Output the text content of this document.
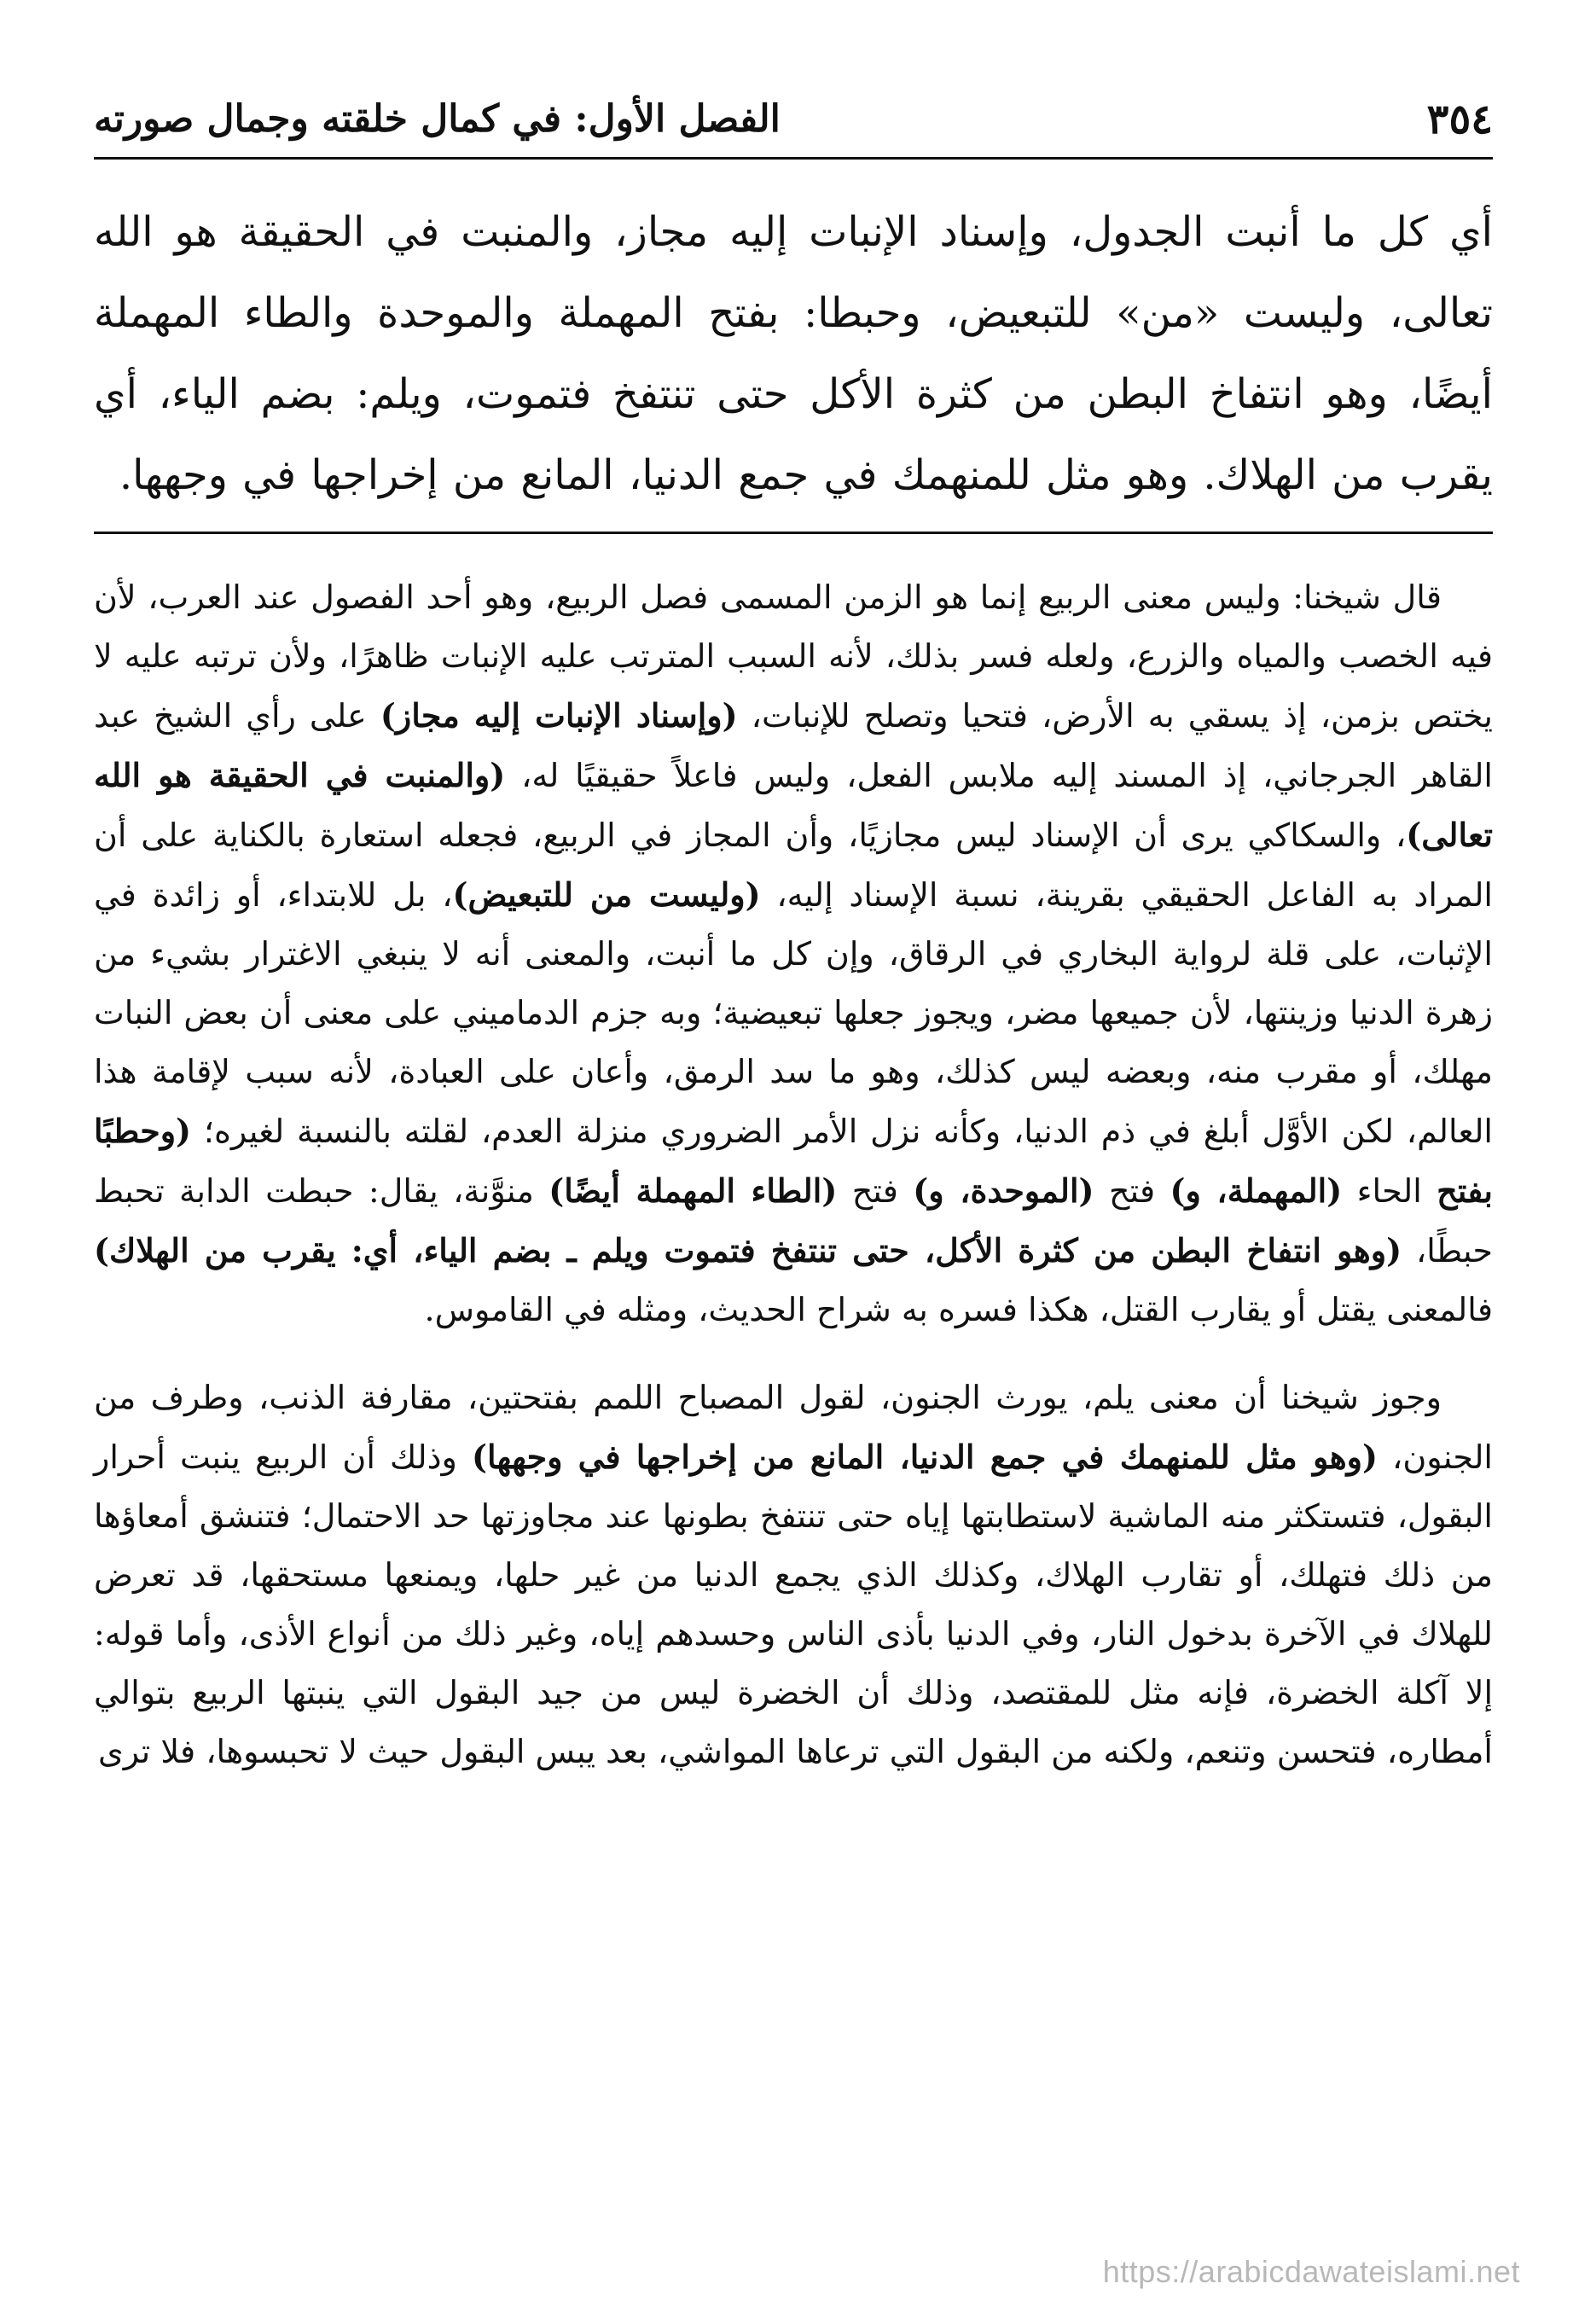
٣٥٤
الفصل الأول: في كمال خلقته وجمال صورته
أي كل ما أنبت الجدول، وإسناد الإنبات إليه مجاز، والمنبت في الحقيقة هو الله تعالى، وليست «من» للتبعيض، وحبطا: بفتح المهملة والموحدة والطاء المهملة أيضًا، وهو انتفاخ البطن من كثرة الأكل حتى تنتفخ فتموت، ويلم: بضم الياء، أي يقرب من الهلاك. وهو مثل للمنهمك في جمع الدنيا، المانع من إخراجها في وجهها.

قال شيخنا: وليس معنى الربيع إنما هو الزمن المسمى فصل الربيع، وهو أحد الفصول عند العرب، لأن فيه الخصب والمياه والزرع، ولعله فسر بذلك، لأنه السبب المترتب عليه الإنبات ظاهرًا، ولأن ترتبه عليه لا يختص بزمن، إذ يسقي به الأرض، فتحيا وتصلح للإنبات، (وإسناد الإنبات إليه مجاز) على رأي الشيخ عبد القاهر الجرجاني، إذ المسند إليه ملابس الفعل، وليس فاعلاً حقيقيًا له، (والمنبت في الحقيقة هو الله تعالى)، والسكاكي يرى أن الإسناد ليس مجازيًا، وأن المجاز في الربيع، فجعله استعارة بالكناية على أن المراد به الفاعل الحقيقي بقرينة، نسبة الإسناد إليه، (وليست من للتبعيض)، بل للابتداء، أو زائدة في الإثبات، على قلة لرواية البخاري في الرقاق، وإن كل ما أنبت، والمعنى أنه لا ينبغي الاغترار بشيء من زهرة الدنيا وزينتها، لأن جميعها مضر، ويجوز جعلها تبعيضية؛ وبه جزم الدماميني على معنى أن بعض النبات مهلك، أو مقرب منه، وبعضه ليس كذلك، وهو ما سد الرمق، وأعان على العبادة، لأنه سبب لإقامة هذا العالم، لكن الأوَّل أبلغ في ذم الدنيا، وكأنه نزل الأمر الضروري منزلة العدم، لقلته بالنسبة لغيره؛ (وحطبًا بفتح الحاء (المهملة، و) فتح (الموحدة، و) فتح (الطاء المهملة أيضًا) منوَّنة، يقال: حبطت الدابة تحبط حبطًا، (وهو انتفاخ البطن من كثرة الأكل، حتى تنتفخ فتموت ويلم ـ بضم الياء، أي: يقرب من الهلاك) فالمعنى يقتل أو يقارب القتل، هكذا فسره به شراح الحديث، ومثله في القاموس.

وجوز شيخنا أن معنى يلم، يورث الجنون، لقول المصباح اللمم بفتحتين، مقارفة الذنب، وطرف من الجنون، (وهو مثل للمنهمك في جمع الدنيا، المانع من إخراجها في وجهها) وذلك أن الربيع ينبت أحرار البقول، فتستكثر منه الماشية لاستطابتها إياه حتى تنتفخ بطونها عند مجاوزتها حد الاحتمال؛ فتنشق أمعاؤها من ذلك فتهلك، أو تقارب الهلاك، وكذلك الذي يجمع الدنيا من غير حلها، ويمنعها مستحقها، قد تعرض للهلاك في الآخرة بدخول النار، وفي الدنيا بأذى الناس وحسدهم إياه، وغير ذلك من أنواع الأذى، وأما قوله: إلا آكلة الخضرة، فإنه مثل للمقتصد، وذلك أن الخضرة ليس من جيد البقول التي ينبتها الربيع بتوالي أمطاره، فتحسن وتنعم، ولكنه من البقول التي ترعاها المواشي، بعد يبس البقول حيث لا تحبسوها، فلا ترى

https://arabicdawateislami.net
